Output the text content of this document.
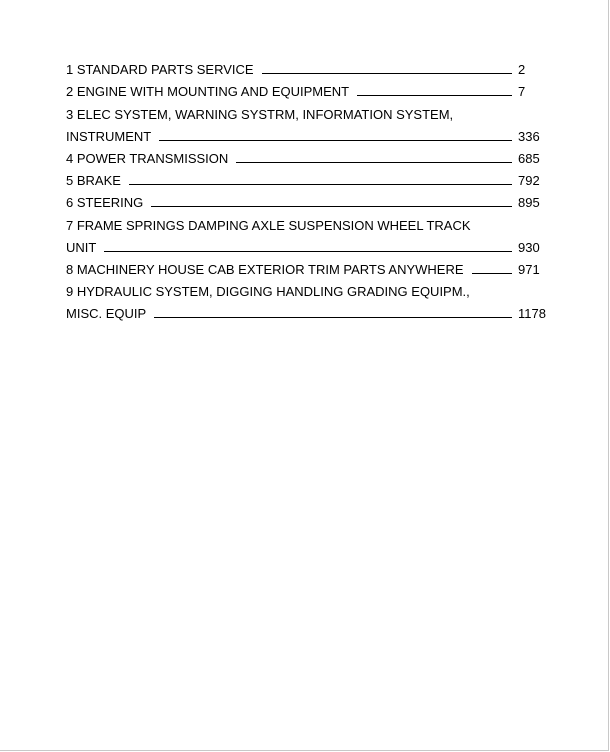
1 STANDARD PARTS SERVICE	2
2 ENGINE WITH MOUNTING AND EQUIPMENT	7
3 ELEC SYSTEM, WARNING SYSTRM, INFORMATION SYSTEM,
INSTRUMENT	336
4 POWER TRANSMISSION	685
5 BRAKE	792
6 STEERING	895
7 FRAME SPRINGS DAMPING AXLE SUSPENSION WHEEL TRACK
UNIT	930
8 MACHINERY HOUSE CAB EXTERIOR TRIM PARTS ANYWHERE	971
9 HYDRAULIC SYSTEM, DIGGING HANDLING GRADING EQUIPM.,
MISC. EQUIP	1178
